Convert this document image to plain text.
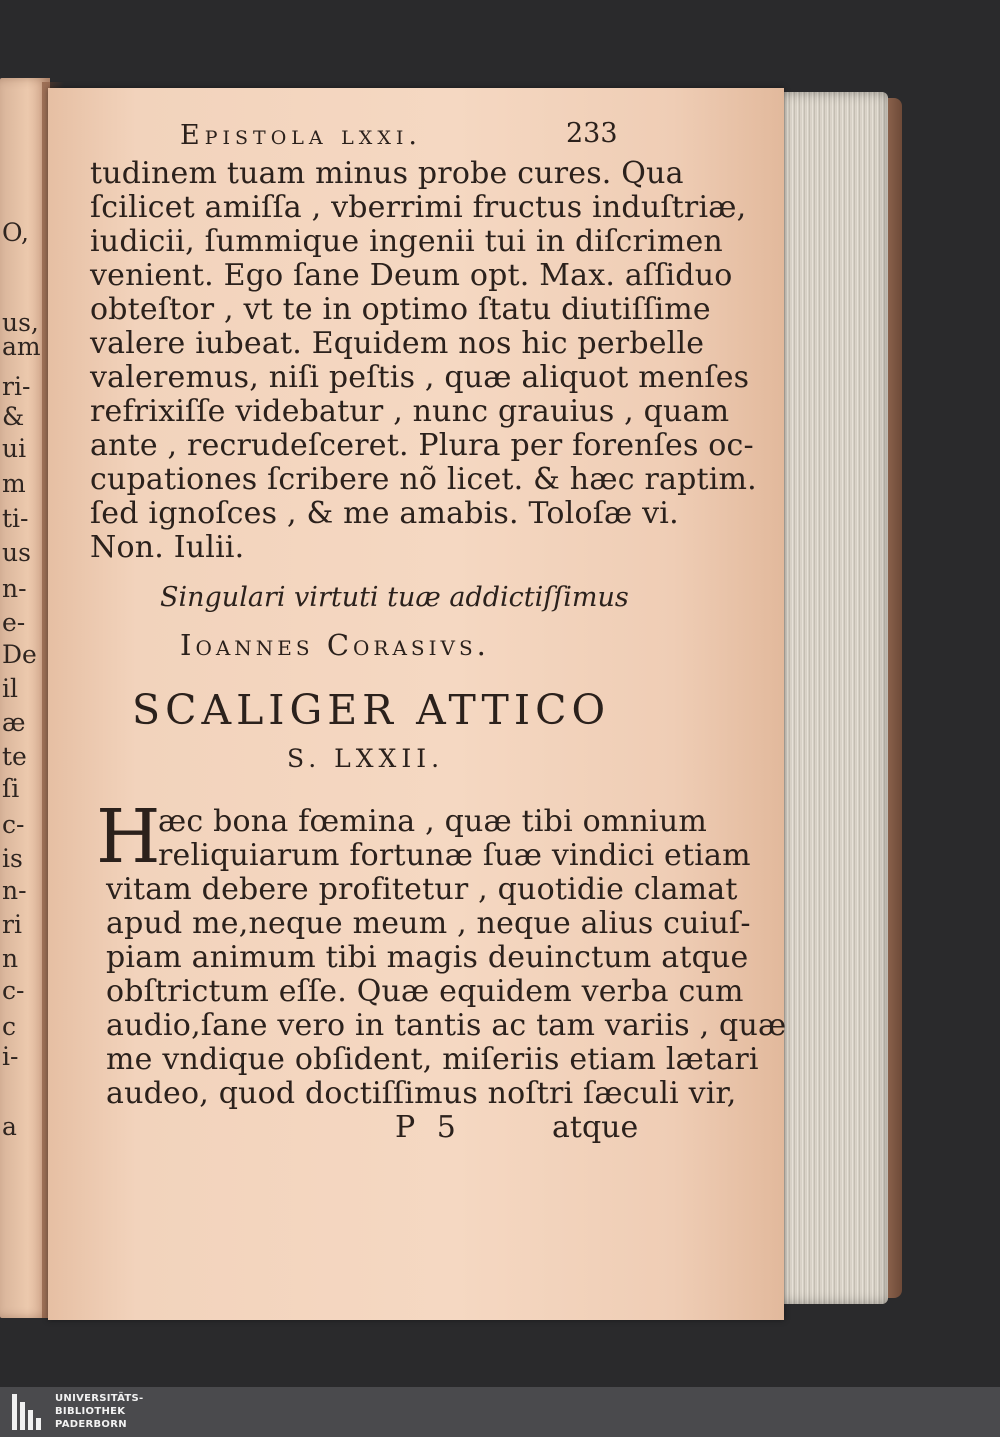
O,
us,
am
ri-
&
ui
m
ti-
us
n-
e-
De
il
æ
te
ſi
c-
is
n-
ri
n
c-
c
i-
a
Epistola lxxi.	233
tudinem tuam minus probe cures. Qua
ſcilicet amiſſa , vberrimi fructus induſtriæ,
iudicii, ſummique ingenii tui in diſcrimen
venient. Ego ſane Deum opt. Max. aſſiduo
obteſtor , vt te in optimo ſtatu diutiſſime
valere iubeat. Equidem nos hic perbelle
valeremus, niſi peſtis , quæ aliquot menſes
refrixiſſe videbatur , nunc grauius , quam
ante , recrudeſceret. Plura per forenſes oc-
cupationes ſcribere nõ licet. & hæc raptim.
ſed ignoſces , & me amabis. Toloſæ vi.
Non. Iulii.
Singulari virtuti tuæ addictiſſimus
Ioannes Corasivs.
SCALIGER ATTICO
S. LXXII.
H
æc bona fœmina , quæ tibi omnium
reliquiarum fortunæ ſuæ vindici etiam
vitam debere profitetur , quotidie clamat
apud me,neque meum , neque alius cuiuſ-
piam animum tibi magis deuinctum atque
obſtrictum eſſe. Quæ equidem verba cum
audio,ſane vero in tantis ac tam variis , quæ
me vndique obſident, miſeriis etiam lætari
audeo, quod doctiſſimus noſtri ſæculi vir,
P 5	atque
UNIVERSITÄTS-
BIBLIOTHEK
PADERBORN
